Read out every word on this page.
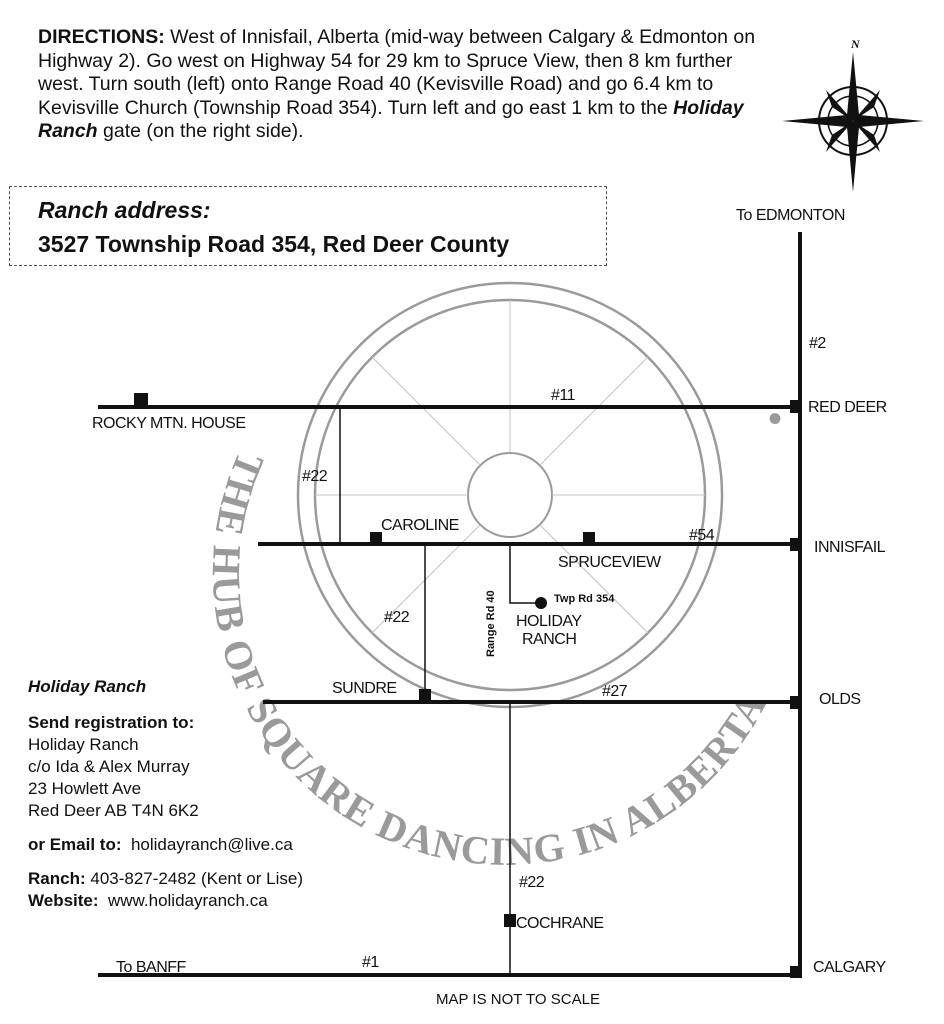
DIRECTIONS: West of Innisfail, Alberta (mid-way between Calgary & Edmonton on Highway 2). Go west on Highway 54 for 29 km to Spruce View, then 8 km further west. Turn south (left) onto Range Road 40 (Kevisville Road) and go 6.4 km to Kevisville Church (Township Road 354). Turn left and go east 1 km to the Holiday Ranch gate (on the right side).
Ranch address:
3527 Township Road 354, Red Deer County
THE HUB OF SQUARE DANCING IN ALBERTA
•
N
To EDMONTON
#2
#11
RED DEER
ROCKY MTN. HOUSE
#22
CAROLINE
#54
INNISFAIL
SPRUCEVIEW
Twp Rd 354
Range Rd 40 HOLIDAY
RANCH
#22
SUNDRE	#27	OLDS
#22
COCHRANE
#1
To BANFF	CALGARY
Holiday Ranch
Send registration to:
Holiday Ranch
c/o Ida & Alex Murray
23 Howlett Ave
Red Deer AB T4N 6K2
or Email to: holidayranch@live.ca
Ranch: 403-827-2482 (Kent or Lise)
Website: www.holidayranch.ca
MAP IS NOT TO SCALE
